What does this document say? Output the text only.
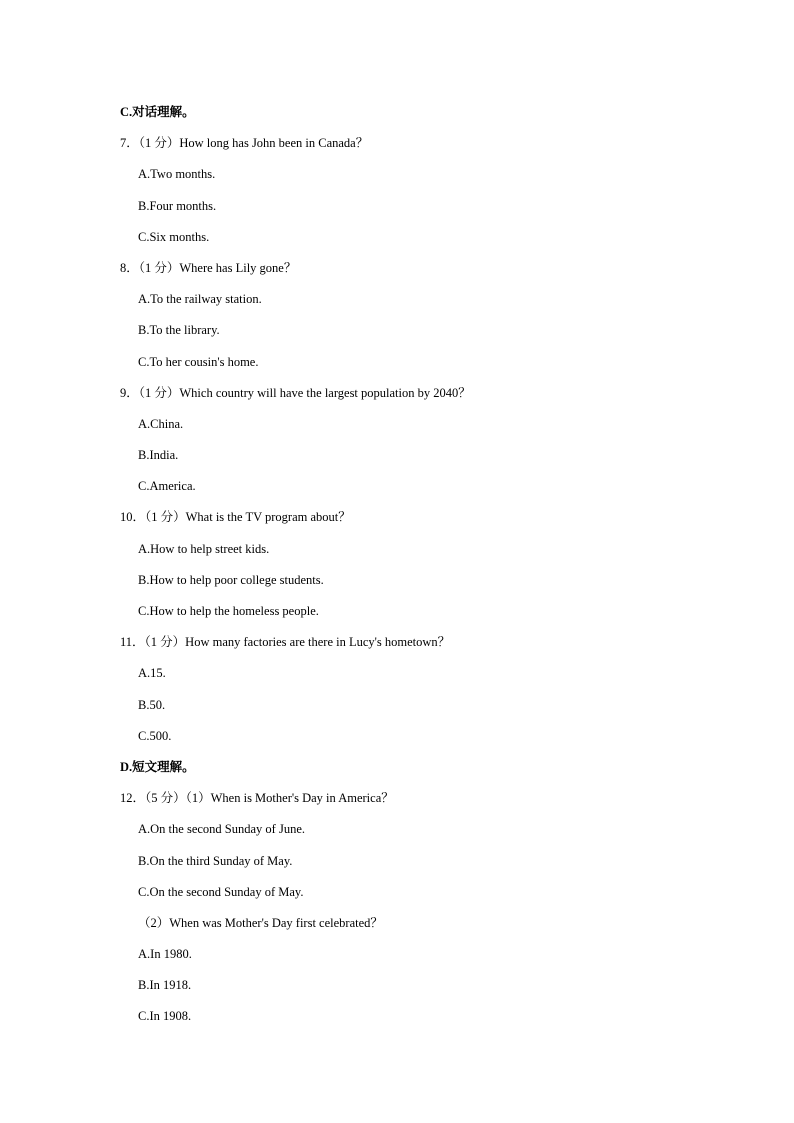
C.对话理解。
7．（1 分）How long has John been in Canada？
A.Two months.
B.Four months.
C.Six months.
8．（1 分）Where has Lily gone？
A.To the railway station.
B.To the library.
C.To her cousin's home.
9．（1 分）Which country will have the largest population by 2040？
A.China.
B.India.
C.America.
10．（1 分）What is the TV program about？
A.How to help street kids.
B.How to help poor college students.
C.How to help the homeless people.
11．（1 分）How many factories are there in Lucy's hometown？
A.15.
B.50.
C.500.
D.短文理解。
12．（5 分）（1）When is Mother's Day in America？
A.On the second Sunday of June.
B.On the third Sunday of May.
C.On the second Sunday of May.
（2）When was Mother's Day first celebrated？
A.In 1980.
B.In 1918.
C.In 1908.
